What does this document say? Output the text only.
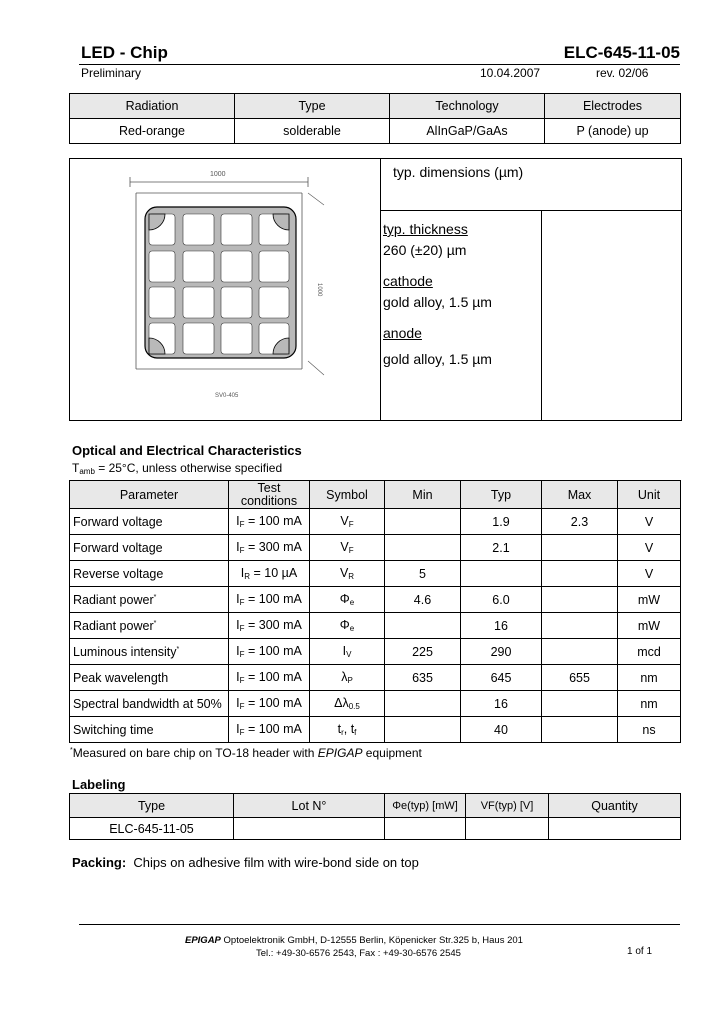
LED - Chip	ELC-645-11-05
Preliminary	10.04.2007	rev. 02/06
Radiation	Type	Technology	Electrodes
Red-orange	solderable	AlInGaP/GaAs	P (anode) up
1000
1000
SV0-405
typ. dimensions (µm)
typ. thickness
260 (±20) µm
cathode
gold alloy, 1.5 µm
anode
gold alloy, 1.5 µm
Optical and Electrical Characteristics
$T_{amb} = 25^\circ C$, unless otherwise specified
Parameter	Test conditions	Symbol	Min	Typ	Max	Unit
Forward voltage	$I_F = 100$ mA	$V_F$		1.9	2.3	V
Forward voltage	$I_F = 300$ mA	$V_F$		2.1		V
Reverse voltage	$I_R = 10$ µA	$V_R$	5			V
Radiant power*	$I_F = 100$ mA	$\Phi_e$	4.6	6.0		mW
Radiant power*	$I_F = 300$ mA	$\Phi_e$		16		mW
Luminous intensity*	$I_F = 100$ mA	$I_V$	225	290		mcd
Peak wavelength	$I_F = 100$ mA	$\lambda_P$	635	645	655	nm
Spectral bandwidth at 50%	$I_F = 100$ mA	$\Delta\lambda_{0.5}$		16		nm
Switching time	$I_F = 100$ mA	$t_r$, $t_f$		40		ns
*Measured on bare chip on TO-18 header with EPIGAP equipment
Labeling
Type	Lot N°	Φe(typ) [mW]	VF(typ) [V]	Quantity
ELC-645-11-05				
Packing: Chips on adhesive film with wire-bond side on top
EPIGAP Optoelektronik GmbH, D-12555 Berlin, Köpenicker Str.325 b, Haus 201
Tel.: +49-30-6576 2543, Fax : +49-30-6576 2545	1 of 1
